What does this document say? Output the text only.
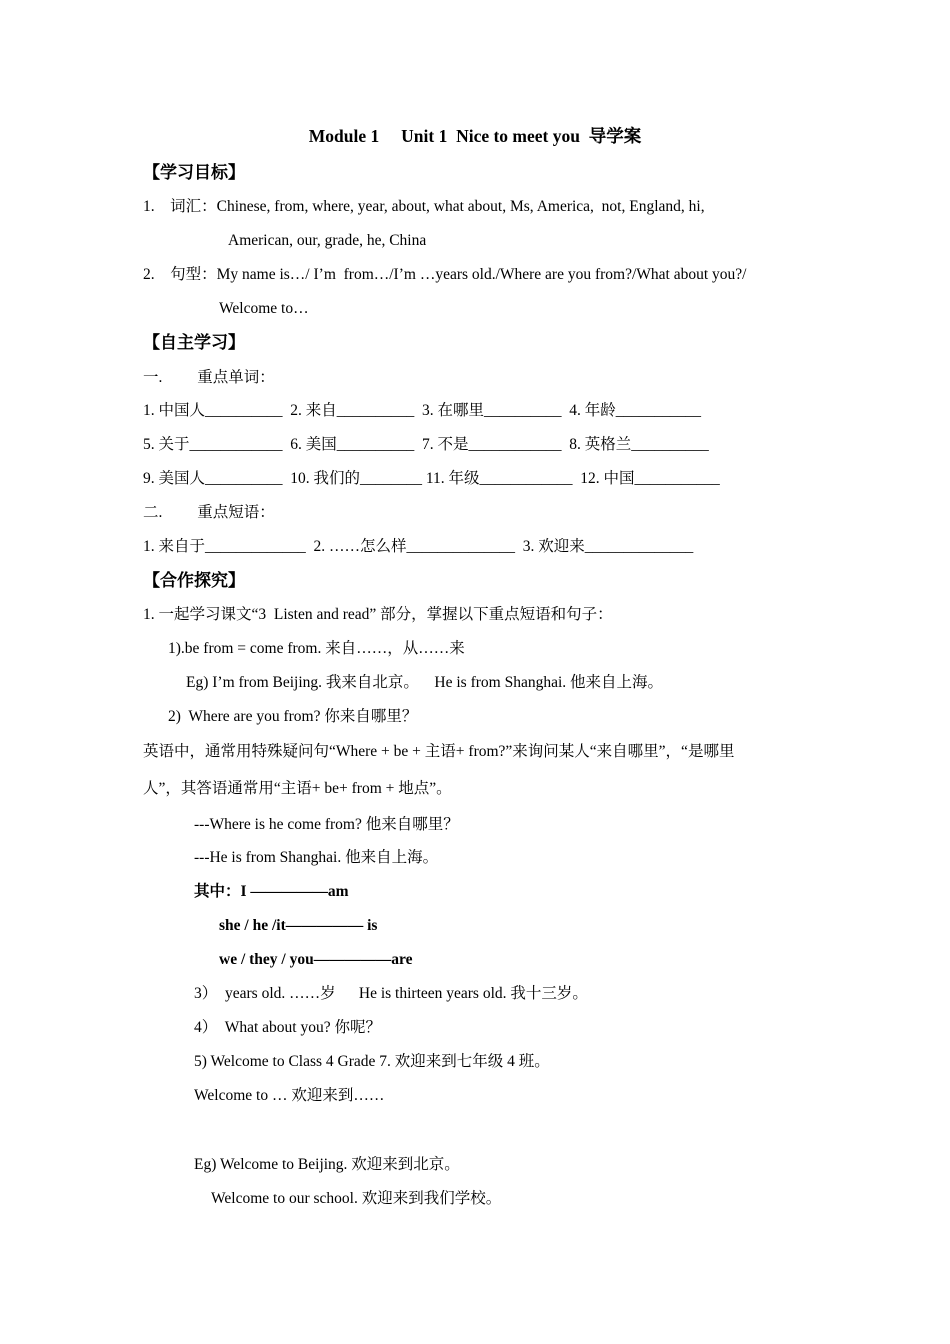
Module 1     Unit 1  Nice to meet you  导学案
【学习目标】
1.    词汇：Chinese, from, where, year, about, what about, Ms, America,  not, England, hi,
American, our, grade, he, China
2.    句型：My name is…/ I’m  from…/I’m …years old./Where are you from?/What about you?/
Welcome to…
【自主学习】
一.         重点单词：
1. 中国人__________  2. 来自__________  3. 在哪里__________  4. 年龄___________
5. 关于____________  6. 美国__________  7. 不是____________  8. 英格兰__________
9. 美国人__________  10. 我们的________ 11. 年级____________  12. 中国___________
二.         重点短语：
1. 来自于_____________  2. ……怎么样______________  3. 欢迎来______________
【合作探究】
1. 一起学习课文“3  Listen and read” 部分，掌握以下重点短语和句子：
1).be from = come from. 来自……，从……来
Eg) I’m from Beijing. 我来自北京。    He is from Shanghai. 他来自上海。
2)  Where are you from? 你来自哪里？
英语中，通常用特殊疑问句“Where + be + 主语+ from?”来询问某人“来自哪里”，“是哪里
人”，其答语通常用“主语+ be+ from + 地点”。
---Where is he come from? 他来自哪里？
---He is from Shanghai. 他来自上海。
其中：I —————am
she / he /it————— is
we / they / you—————are
3）  years old. ……岁      He is thirteen years old. 我十三岁。
4）  What about you? 你呢？
5) Welcome to Class 4 Grade 7. 欢迎来到七年级 4 班。
Welcome to … 欢迎来到……
Eg) Welcome to Beijing. 欢迎来到北京。
Welcome to our school. 欢迎来到我们学校。
